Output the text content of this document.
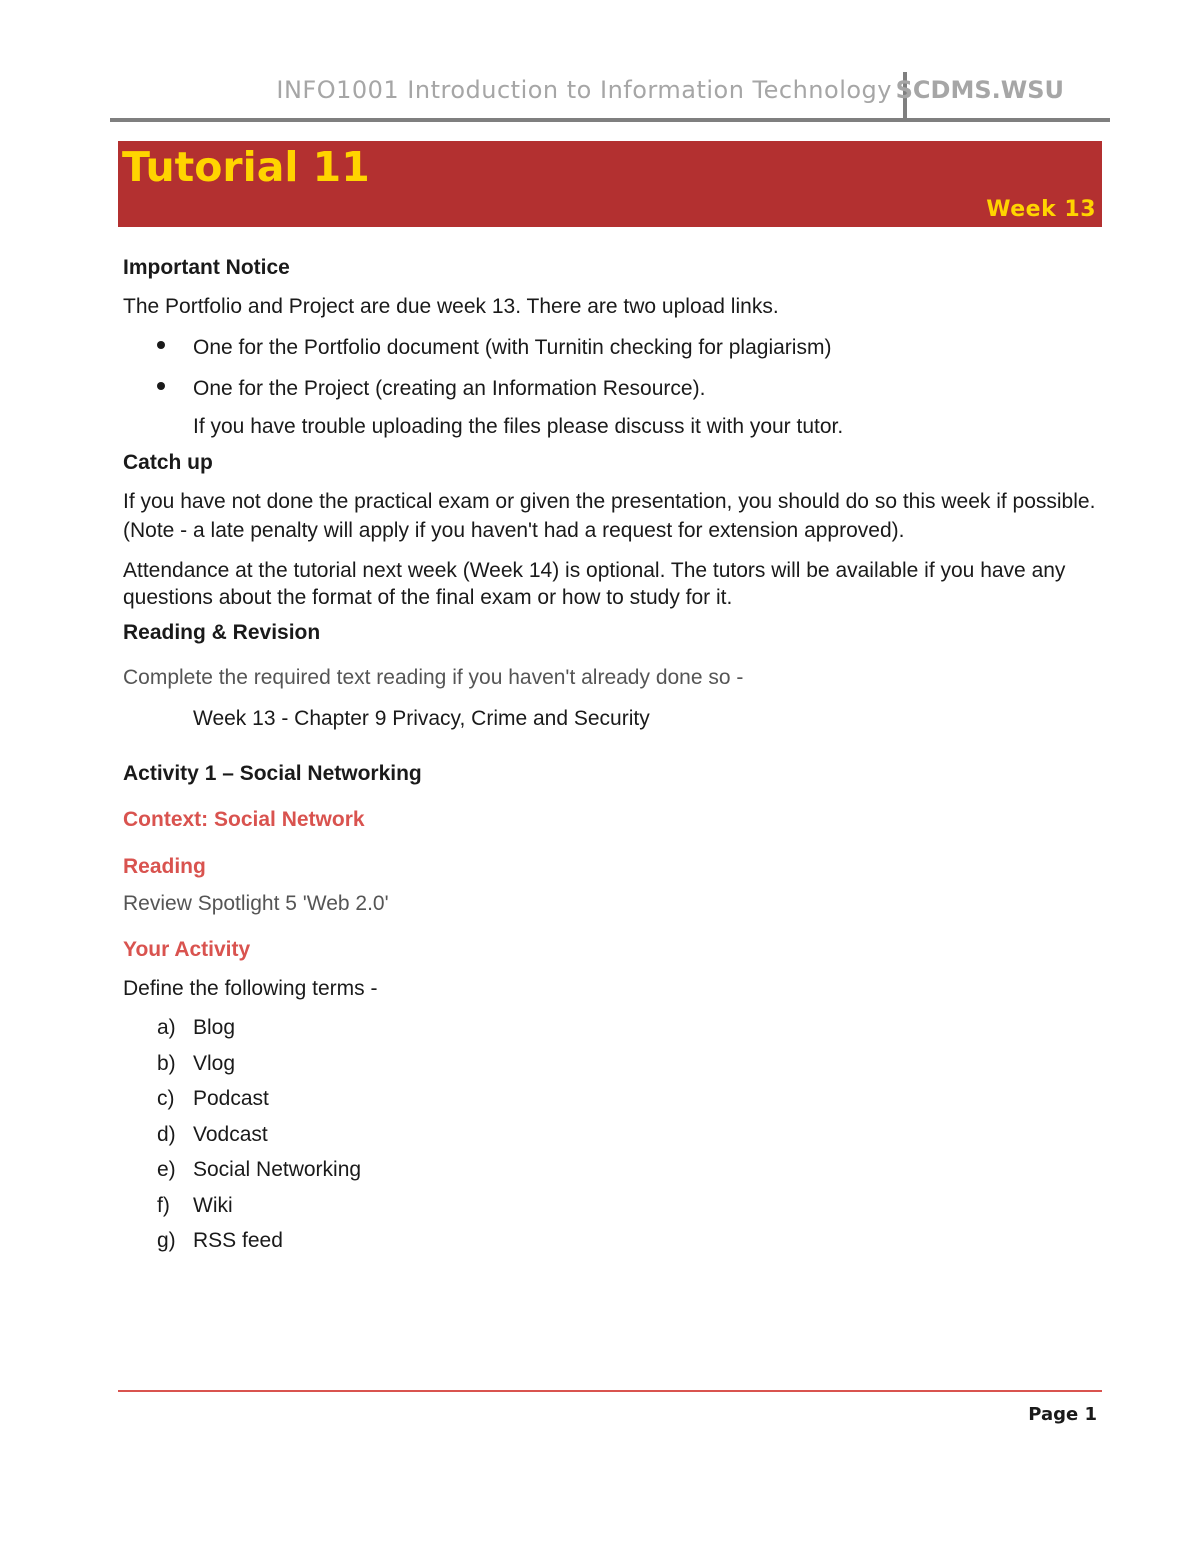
INFO1001 Introduction to Information Technology SCDMS.WSU
Tutorial 11
Week 13

Important Notice

The Portfolio and Project are due week 13. There are two upload links.

One for the Portfolio document (with Turnitin checking for plagiarism)
One for the Project (creating an Information Resource).

If you have trouble uploading the files please discuss it with your tutor.

Catch up

If you have not done the practical exam or given the presentation, you should do so this week if possible. (Note - a late penalty will apply if you haven't had a request for extension approved).

Attendance at the tutorial next week (Week 14) is optional. The tutors will be available if you have any questions about the format of the final exam or how to study for it.

Reading & Revision

Complete the required text reading if you haven't already done so -

Week 13 - Chapter 9 Privacy, Crime and Security

Activity 1 – Social Networking

Context: Social Network

Reading

Review Spotlight 5 'Web 2.0'

Your Activity

Define the following terms -

a) Blog
b) Vlog
c) Podcast
d) Vodcast
e) Social Networking
f) Wiki
g) RSS feed
Page 1
